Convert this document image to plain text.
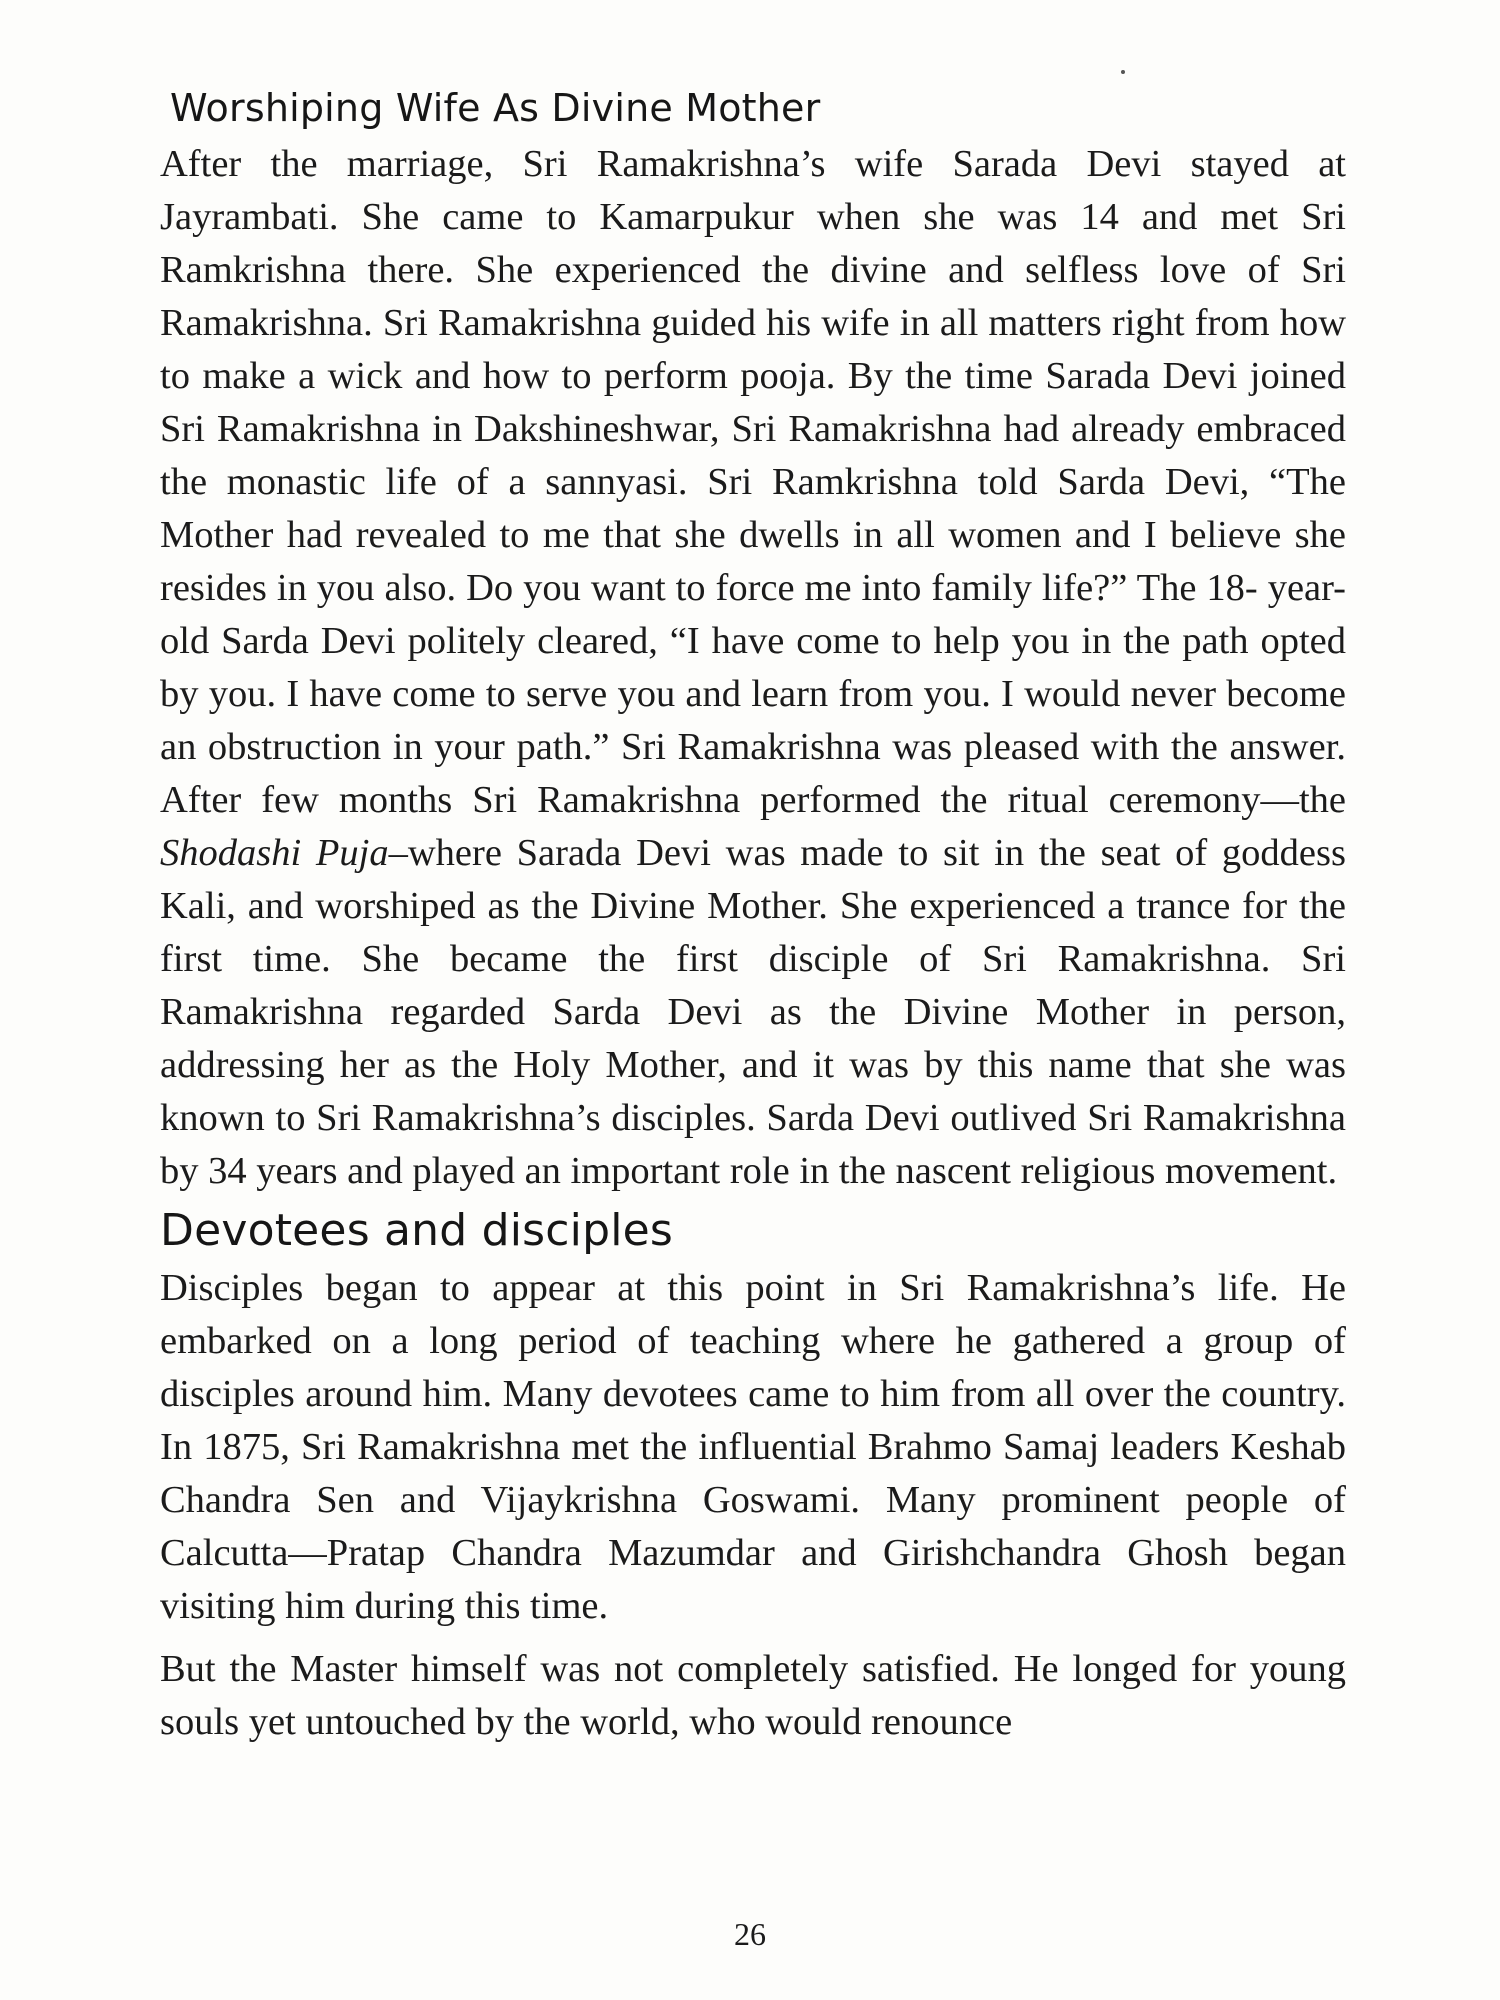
Worshiping Wife As Divine Mother

After the marriage, Sri Ramakrishna’s wife Sarada Devi stayed at Jayrambati. She came to Kamarpukur when she was 14 and met Sri Ramkrishna there. She experienced the divine and selfless love of Sri Ramakrishna. Sri Ramakrishna guided his wife in all matters right from how to make a wick and how to perform pooja. By the time Sarada Devi joined Sri Ramakrishna in Dakshineshwar, Sri Ramakrishna had already embraced the monastic life of a sannyasi. Sri Ramkrishna told Sarda Devi, “The Mother had revealed to me that she dwells in all women and I believe she resides in you also. Do you want to force me into family life?” The 18- year- old Sarda Devi politely cleared, “I have come to help you in the path opted by you. I have come to serve you and learn from you. I would never become an obstruction in your path.” Sri Ramakrishna was pleased with the answer. After few months Sri Ramakrishna performed the ritual ceremony—the Shodashi Puja–where Sarada Devi was made to sit in the seat of goddess Kali, and worshiped as the Divine Mother. She experienced a trance for the first time. She became the first disciple of Sri Ramakrishna. Sri Ramakrishna regarded Sarda Devi as the Divine Mother in person, addressing her as the Holy Mother, and it was by this name that she was known to Sri Ramakrishna’s disciples. Sarda Devi outlived Sri Ramakrishna by 34 years and played an important role in the nascent religious movement.

Devotees and disciples

Disciples began to appear at this point in Sri Ramakrishna’s life. He embarked on a long period of teaching where he gathered a group of disciples around him. Many devotees came to him from all over the country. In 1875, Sri Ramakrishna met the influential Brahmo Samaj leaders Keshab Chandra Sen and Vijaykrishna Goswami. Many prominent people of Calcutta—Pratap Chandra Mazumdar and Girishchandra Ghosh began visiting him during this time.

But the Master himself was not completely satisfied. He longed for young souls yet untouched by the world, who would renounce

26
